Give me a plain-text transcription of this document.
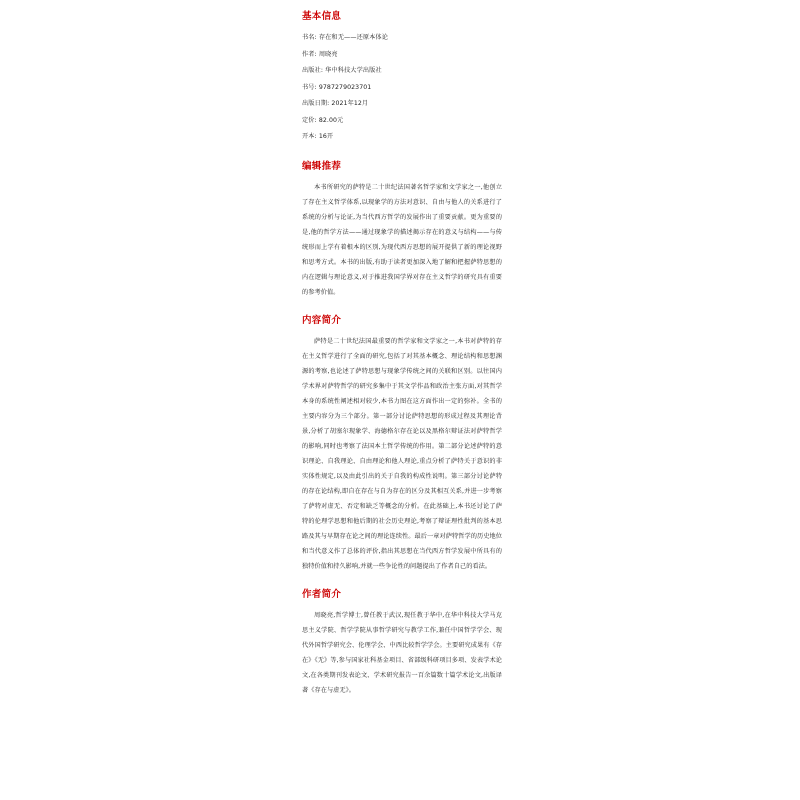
基本信息
书名: 存在和无——还原本体论
作者: 周晓亮
出版社: 华中科技大学出版社
书号: 9787279023701
出版日期: 2021年12月
定价: 82.00元
开本: 16开
编辑推荐

本书所研究的萨特是二十世纪法国著名哲学家和文学家之一,他创立了存在主义哲学体系,以现象学的方法对意识、自由与他人的关系进行了系统的分析与论证,为当代西方哲学的发展作出了重要贡献。更为重要的是,他的哲学方法——通过现象学的描述揭示存在的意义与结构——与传统形而上学有着根本的区别,为现代西方思想的展开提供了新的理论视野和思考方式。本书的出版,有助于读者更加深入地了解和把握萨特思想的内在逻辑与理论意义,对于推进我国学界对存在主义哲学的研究具有重要的参考价值。

内容简介

萨特是二十世纪法国最重要的哲学家和文学家之一,本书对萨特的存在主义哲学进行了全面的研究,包括了对其基本概念、理论结构和思想渊源的考察,也论述了萨特思想与现象学传统之间的关联和区别。以往国内学术界对萨特哲学的研究多集中于其文学作品和政治主张方面,对其哲学本身的系统性阐述相对较少,本书力图在这方面作出一定的弥补。全书的主要内容分为三个部分。第一部分讨论萨特思想的形成过程及其理论背景,分析了胡塞尔现象学、海德格尔存在论以及黑格尔辩证法对萨特哲学的影响,同时也考察了法国本土哲学传统的作用。第二部分论述萨特的意识理论、自我理论、自由理论和他人理论,重点分析了萨特关于意识的非实体性规定,以及由此引出的关于自我的构成性说明。第三部分讨论萨特的存在论结构,即自在存在与自为存在的区分及其相互关系,并进一步考察了萨特对虚无、否定和缺乏等概念的分析。在此基础上,本书还讨论了萨特的伦理学思想和他后期的社会历史理论,考察了辩证理性批判的基本思路及其与早期存在论之间的理论连续性。最后一章对萨特哲学的历史地位和当代意义作了总体的评价,指出其思想在当代西方哲学发展中所具有的独特价值和持久影响,并就一些争论性的问题提出了作者自己的看法。

作者简介

周晓亮,哲学博士,曾任教于武汉,现任教于华中,在华中科技大学马克思主义学院、哲学学院从事哲学研究与教学工作,兼任中国哲学学会、现代外国哲学研究会、伦理学会、中西比较哲学学会。主要研究成果有《存在》《无》等,参与国家社科基金项目、省部级科研项目多项、发表学术论文,在各类期刊发表论文、学术研究报告一百余篇数十篇学术论文,出版译著《存在与虚无》。
